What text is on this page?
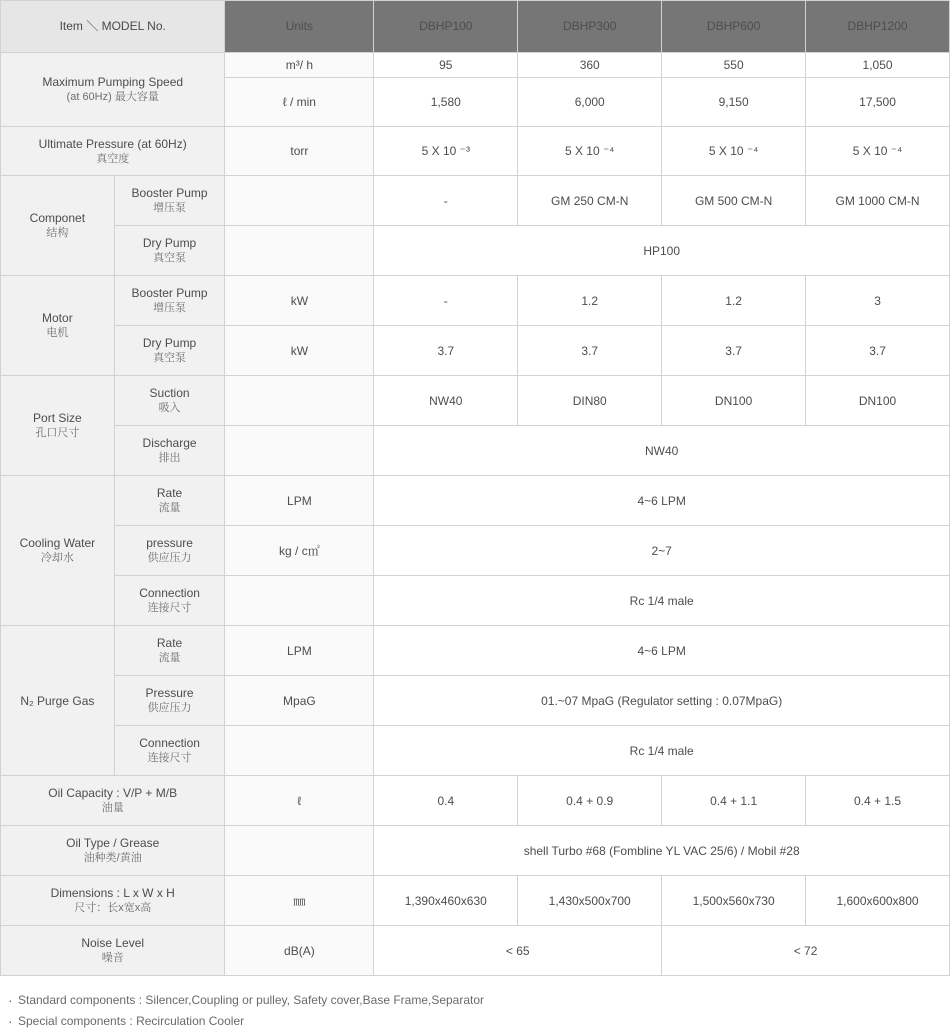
Item ＼ MODEL No.		Units	DBHP100	DBHP300	DBHP600	DBHP1200
Maximum Pumping Speed
(at 60Hz) 最大容量		m³/ h	95	360	550	1,050
		ℓ / min	1,580	6,000	9,150	17,500
Ultimate Pressure (at 60Hz)
真空度		torr	5 X 10 ⁻³	5 X 10 ⁻⁴	5 X 10 ⁻⁴	5 X 10 ⁻⁴
Componet
结构	Booster Pump
增压泵		-	GM 250 CM-N	GM 500 CM-N	GM 1000 CM-N
	Dry Pump
真空泵		HP100			
Motor
电机	Booster Pump
增压泵	kW	-	1.2	1.2	3
	Dry Pump
真空泵	kW	3.7	3.7	3.7	3.7
Port Size
孔口尺寸	Suction
吸入		NW40	DIN80	DN100	DN100
	Discharge
排出		NW40			
Cooling Water
冷却水	Rate
流量	LPM	4~6 LPM			
	pressure
供应压力	kg / c㎡	2~7			
	Connection
连接尺寸		Rc 1/4 male			
N₂ Purge Gas	Rate
流量	LPM	4~6 LPM			
	Pressure
供应压力	MpaG	01.~07 MpaG (Regulator setting : 0.07MpaG)			
	Connection
连接尺寸		Rc 1/4 male			
Oil Capacity : V/P + M/B
油量		ℓ	0.4	0.4 + 0.9	0.4 + 1.1	0.4 + 1.5
Oil Type / Grease
油种类/黄油			shell Turbo #68 (Fombline YL VAC 25/6) / Mobil #28			
Dimensions : L x W x H
尺寸：长x宽x高		㎜	1,390x460x630	1,430x500x700	1,500x560x730	1,600x600x800
Noise Level
噪音		dB(A)	< 65		< 72	
· Standard components : Silencer,Coupling or pulley, Safety cover,Base Frame,Separator
· Special components : Recirculation Cooler
